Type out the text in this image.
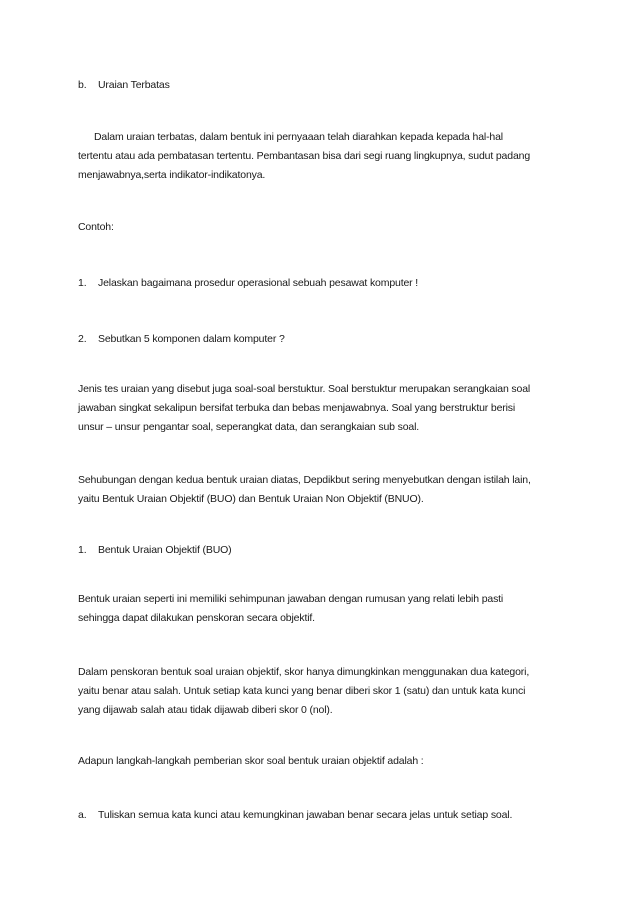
b. Uraian Terbatas
Dalam uraian terbatas, dalam bentuk ini pernyaaan telah diarahkan kepada kepada hal-hal
tertentu atau ada pembatasan tertentu. Pembantasan bisa dari segi ruang lingkupnya, sudut padang
menjawabnya,serta indikator-indikatonya.
Contoh:
1. Jelaskan bagaimana prosedur operasional sebuah pesawat komputer !
2. Sebutkan 5 komponen dalam komputer ?
Jenis tes uraian yang disebut juga soal-soal berstuktur. Soal berstuktur merupakan serangkaian soal
jawaban singkat sekalipun bersifat terbuka dan bebas menjawabnya. Soal yang berstruktur berisi
unsur – unsur pengantar soal, seperangkat data, dan serangkaian sub soal.
Sehubungan dengan kedua bentuk uraian diatas, Depdikbut sering menyebutkan dengan istilah lain,
yaitu Bentuk Uraian Objektif (BUO) dan Bentuk Uraian Non Objektif (BNUO).
1. Bentuk Uraian Objektif (BUO)
Bentuk uraian seperti ini memiliki sehimpunan jawaban dengan rumusan yang relati lebih pasti
sehingga dapat dilakukan penskoran secara objektif.
Dalam penskoran bentuk soal uraian objektif, skor hanya dimungkinkan menggunakan dua kategori,
yaitu benar atau salah. Untuk setiap kata kunci yang benar diberi skor 1 (satu) dan untuk kata kunci
yang dijawab salah atau tidak dijawab diberi skor 0 (nol).
Adapun langkah-langkah pemberian skor soal bentuk uraian objektif adalah :
a. Tuliskan semua kata kunci atau kemungkinan jawaban benar secara jelas untuk setiap soal.
